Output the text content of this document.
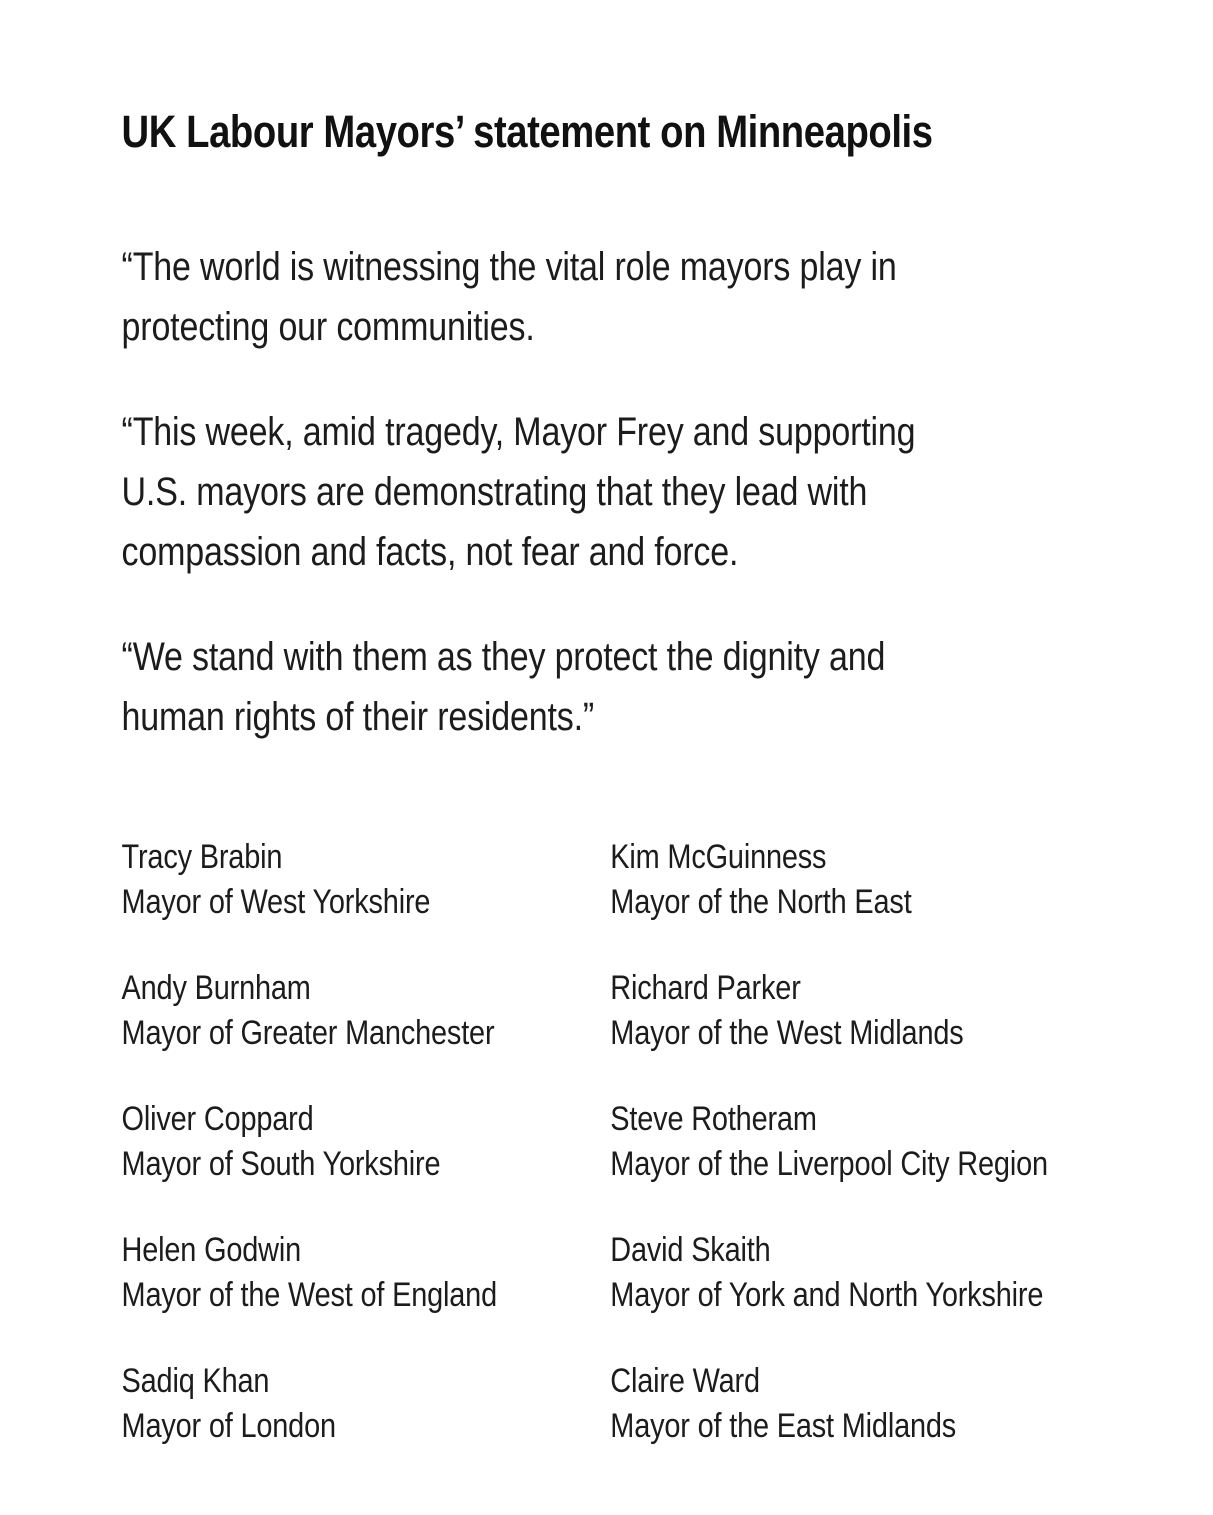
UK Labour Mayors’ statement on Minneapolis
“The world is witnessing the vital role mayors play in
protecting our communities.
“This week, amid tragedy, Mayor Frey and supporting
U.S. mayors are demonstrating that they lead with
compassion and facts, not fear and force.
“We stand with them as they protect the dignity and
human rights of their residents.”
Tracy Brabin
Mayor of West Yorkshire
Kim McGuinness
Mayor of the North East
Andy Burnham
Mayor of Greater Manchester
Richard Parker
Mayor of the West Midlands
Oliver Coppard
Mayor of South Yorkshire
Steve Rotheram
Mayor of the Liverpool City Region
Helen Godwin
Mayor of the West of England
David Skaith
Mayor of York and North Yorkshire
Sadiq Khan
Mayor of London
Claire Ward
Mayor of the East Midlands
